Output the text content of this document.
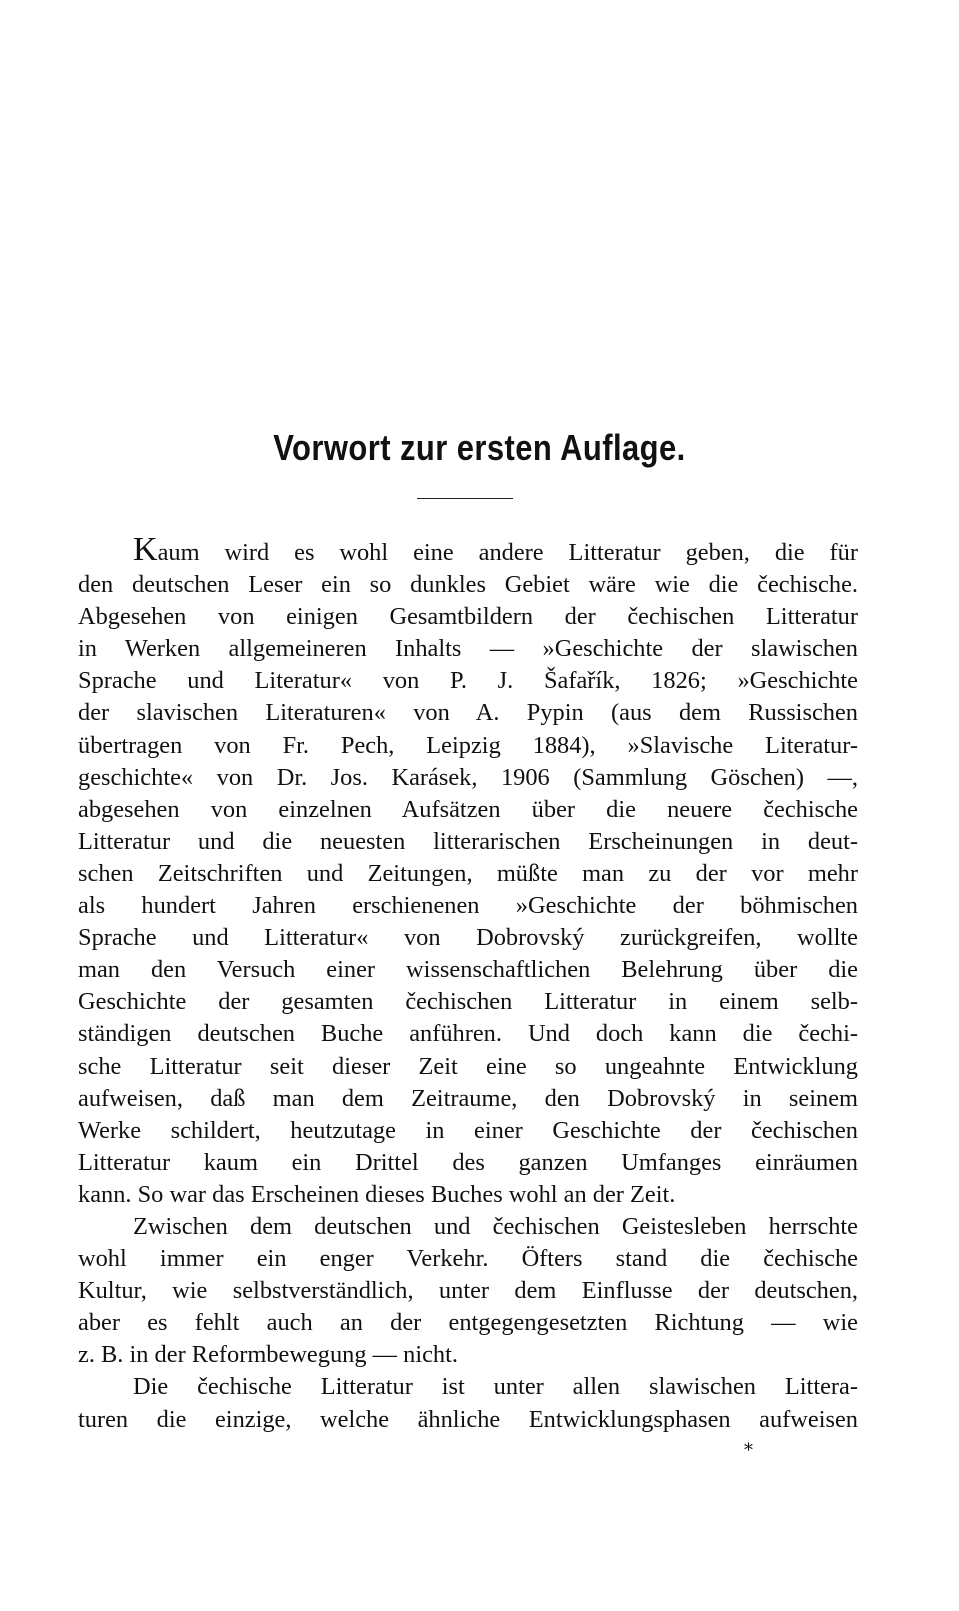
Vorwort zur ersten Auflage.
Kaum wird es wohl eine andere Litteratur geben, die für
den deutschen Leser ein so dunkles Gebiet wäre wie die čechische.
Abgesehen von einigen Gesamtbildern der čechischen Litteratur
in Werken allgemeineren Inhalts — »Geschichte der slawischen
Sprache und Literatur« von P. J. Šafařík, 1826; »Geschichte
der slavischen Literaturen« von A. Pypin (aus dem Russischen
übertragen von Fr. Pech, Leipzig 1884), »Slavische Literatur-
geschichte« von Dr. Jos. Karásek, 1906 (Sammlung Göschen) —,
abgesehen von einzelnen Aufsätzen über die neuere čechische
Litteratur und die neuesten litterarischen Erscheinungen in deut-
schen Zeitschriften und Zeitungen, müßte man zu der vor mehr
als hundert Jahren erschienenen »Geschichte der böhmischen
Sprache und Litteratur« von Dobrovský zurückgreifen, wollte
man den Versuch einer wissenschaftlichen Belehrung über die
Geschichte der gesamten čechischen Litteratur in einem selb-
ständigen deutschen Buche anführen. Und doch kann die čechi-
sche Litteratur seit dieser Zeit eine so ungeahnte Entwicklung
aufweisen, daß man dem Zeitraume, den Dobrovský in seinem
Werke schildert, heutzutage in einer Geschichte der čechischen
Litteratur kaum ein Drittel des ganzen Umfanges einräumen
kann. So war das Erscheinen dieses Buches wohl an der Zeit.
Zwischen dem deutschen und čechischen Geistesleben herrschte
wohl immer ein enger Verkehr. Öfters stand die čechische
Kultur, wie selbstverständlich, unter dem Einflusse der deutschen,
aber es fehlt auch an der entgegengesetzten Richtung — wie
z. B. in der Reformbewegung — nicht.
Die čechische Litteratur ist unter allen slawischen Littera-
turen die einzige, welche ähnliche Entwicklungsphasen aufweisen
*
